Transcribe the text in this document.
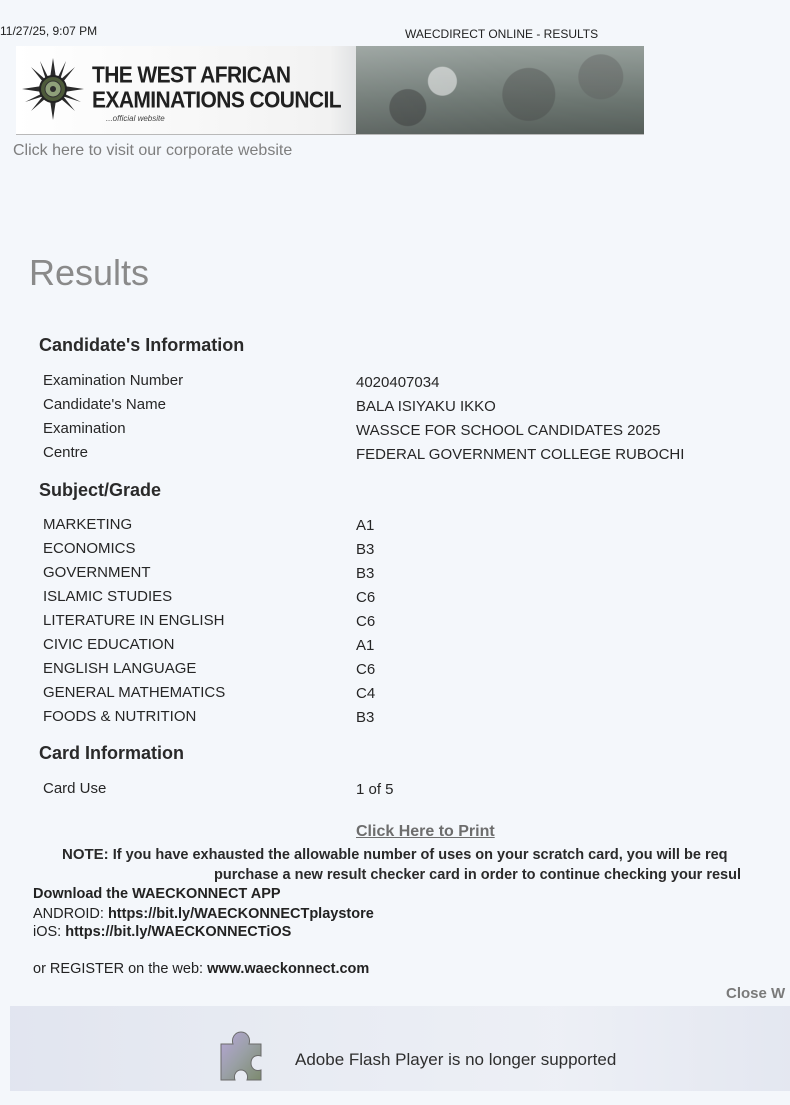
11/27/25, 9:07 PM	WAECDIRECT ONLINE - RESULTS
THE WEST AFRICAN
EXAMINATIONS COUNCIL
...official website
Click here to visit our corporate website
Results
Candidate's Information
Examination Number	4020407034
Candidate's Name	BALA ISIYAKU IKKO
Examination	WASSCE FOR SCHOOL CANDIDATES 2025
Centre	FEDERAL GOVERNMENT COLLEGE RUBOCHI
Subject/Grade
MARKETING	A1
ECONOMICS	B3
GOVERNMENT	B3
ISLAMIC STUDIES	C6
LITERATURE IN ENGLISH	C6
CIVIC EDUCATION	A1
ENGLISH LANGUAGE	C6
GENERAL MATHEMATICS	C4
FOODS & NUTRITION	B3
Card Information
Card Use	1 of 5
Click Here to Print
NOTE: If you have exhausted the allowable number of uses on your scratch card, you will be req
purchase a new result checker card in order to continue checking your resul
Download the WAECKONNECT APP
ANDROID: https://bit.ly/WAECKONNECTplaystore
iOS: https://bit.ly/WAECKONNECTiOS
or REGISTER on the web: www.waeckonnect.com
Close W
Adobe Flash Player is no longer supported
